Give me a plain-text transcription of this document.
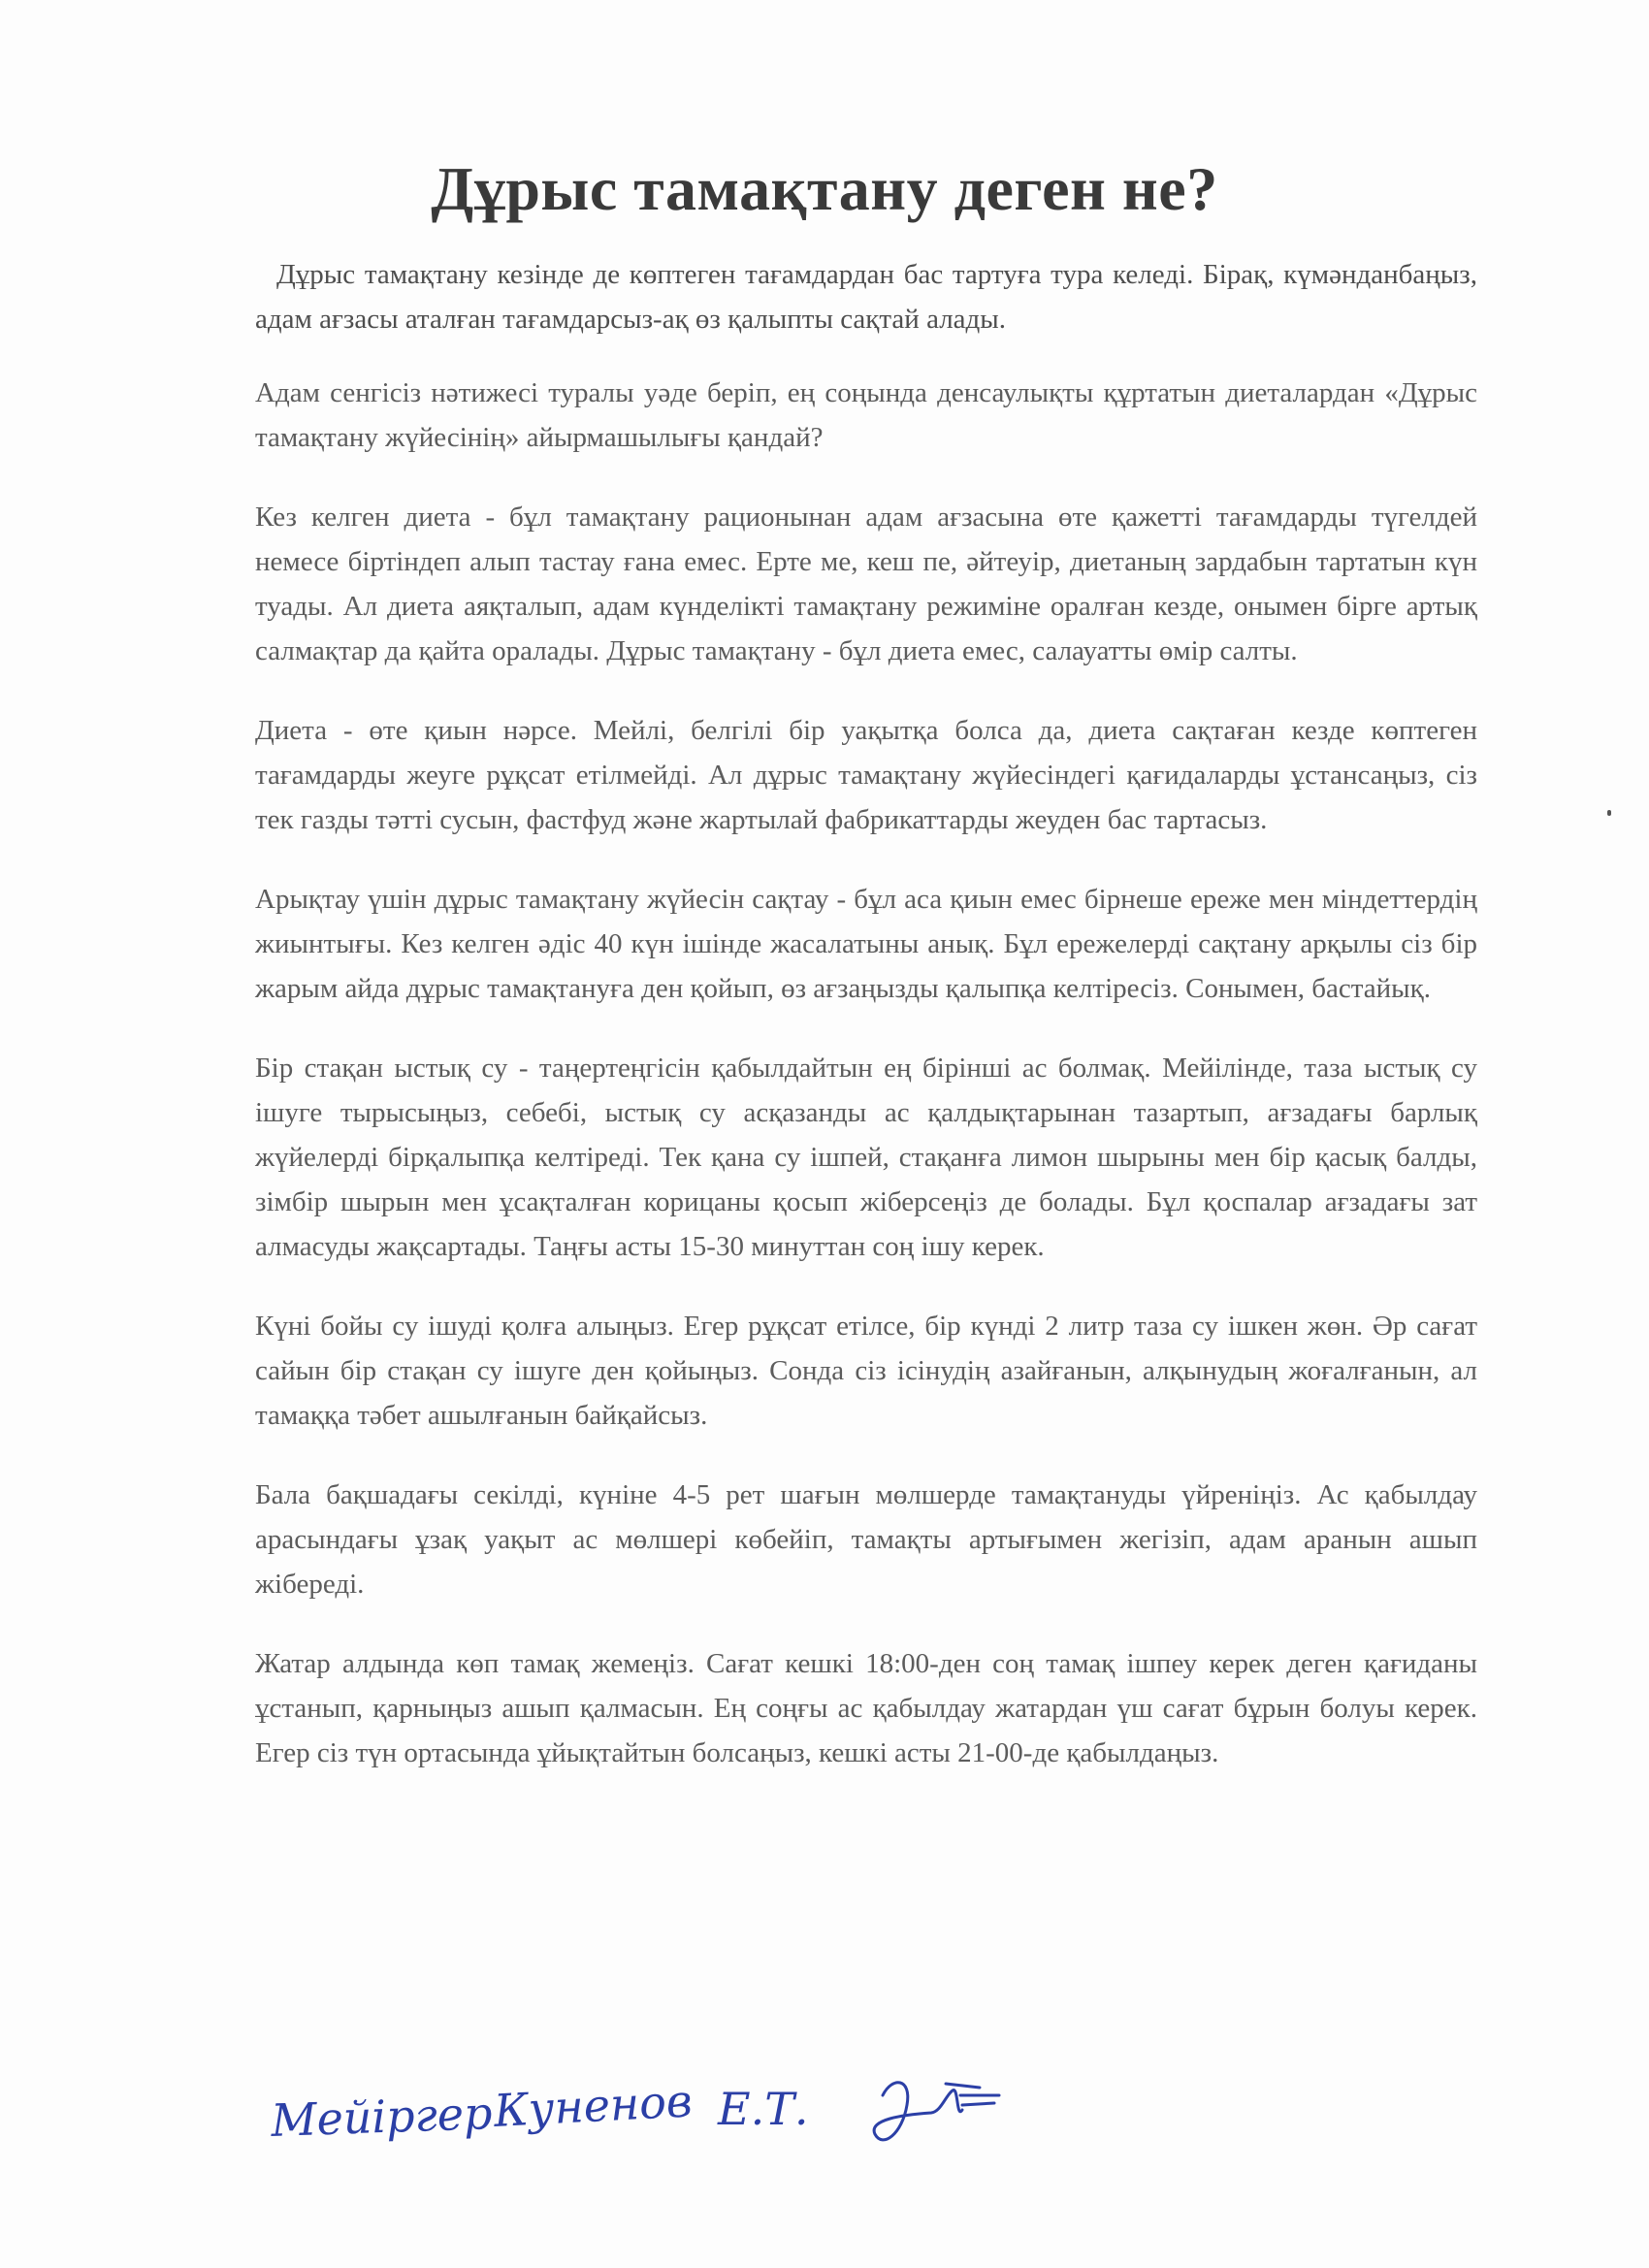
Дұрыс тамақтану деген не?

Дұрыс тамақтану кезінде де көптеген тағамдардан бас тартуға тура келеді. Бірақ, күмәнданбаңыз, адам ағзасы аталған тағамдарсыз-ақ өз қалыпты сақтай алады.

Адам сенгісіз нәтижесі туралы уәде беріп, ең соңында денсаулықты құртатын диеталардан «Дұрыс тамақтану жүйесінің» айырмашылығы қандай?

Кез келген диета - бұл тамақтану рационынан адам ағзасына өте қажетті тағамдарды түгелдей немесе біртіндеп алып тастау ғана емес. Ерте ме, кеш пе, әйтеуір, диетаның зардабын тартатын күн туады. Ал диета аяқталып, адам күнделікті тамақтану режиміне оралған кезде, онымен бірге артық салмақтар да қайта оралады. Дұрыс тамақтану - бұл диета емес, салауатты өмір салты.

Диета - өте қиын нәрсе. Мейлі, белгілі бір уақытқа болса да, диета сақтаған кезде көптеген тағамдарды жеуге рұқсат етілмейді. Ал дұрыс тамақтану жүйесіндегі қағидаларды ұстансаңыз, сіз тек газды тәтті сусын, фастфуд және жартылай фабрикаттарды жеуден бас тартасыз.

Арықтау үшін дұрыс тамақтану жүйесін сақтау - бұл аса қиын емес бірнеше ереже мен міндеттердің жиынтығы. Кез келген әдіс 40 күн ішінде жасалатыны анық. Бұл ережелерді сақтану арқылы сіз бір жарым айда дұрыс тамақтануға ден қойып, өз ағзаңызды қалыпқа келтіресіз. Сонымен, бастайық.

Бір стақан ыстық су - таңертеңгісін қабылдайтын ең бірінші ас болмақ. Мейілінде, таза ыстық су ішуге тырысыңыз, себебі, ыстық су асқазанды ас қалдықтарынан тазартып, ағзадағы барлық жүйелерді бірқалыпқа келтіреді. Тек қана су ішпей, стақанға лимон шырыны мен бір қасық балды, зімбір шырын мен ұсақталған корицаны қосып жіберсеңіз де болады. Бұл қоспалар ағзадағы зат алмасуды жақсартады. Таңғы асты 15-30 минуттан соң ішу керек.

Күні бойы су ішуді қолға алыңыз. Егер рұқсат етілсе, бір күнді 2 литр таза су ішкен жөн. Әр сағат сайын бір стақан су ішуге ден қойыңыз. Сонда сіз ісінудің азайғанын, алқынудың жоғалғанын, ал тамаққа тәбет ашылғанын байқайсыз.

Бала бақшадағы секілді, күніне 4-5 рет шағын мөлшерде тамақтануды үйреніңіз. Ас қабылдау арасындағы ұзақ уақыт ас мөлшері көбейіп, тамақты артығымен жегізіп, адам аранын ашып жібереді.

Жатар алдында көп тамақ жемеңіз. Сағат кешкі 18:00-ден соң тамақ ішпеу керек деген қағиданы ұстанып, қарныңыз ашып қалмасын. Ең соңғы ас қабылдау жатардан үш сағат бұрын болуы керек. Егер сіз түн ортасында ұйықтайтын болсаңыз, кешкі асты 21-00-де қабылдаңыз.

Мейіргер Куненов Е.Т.
